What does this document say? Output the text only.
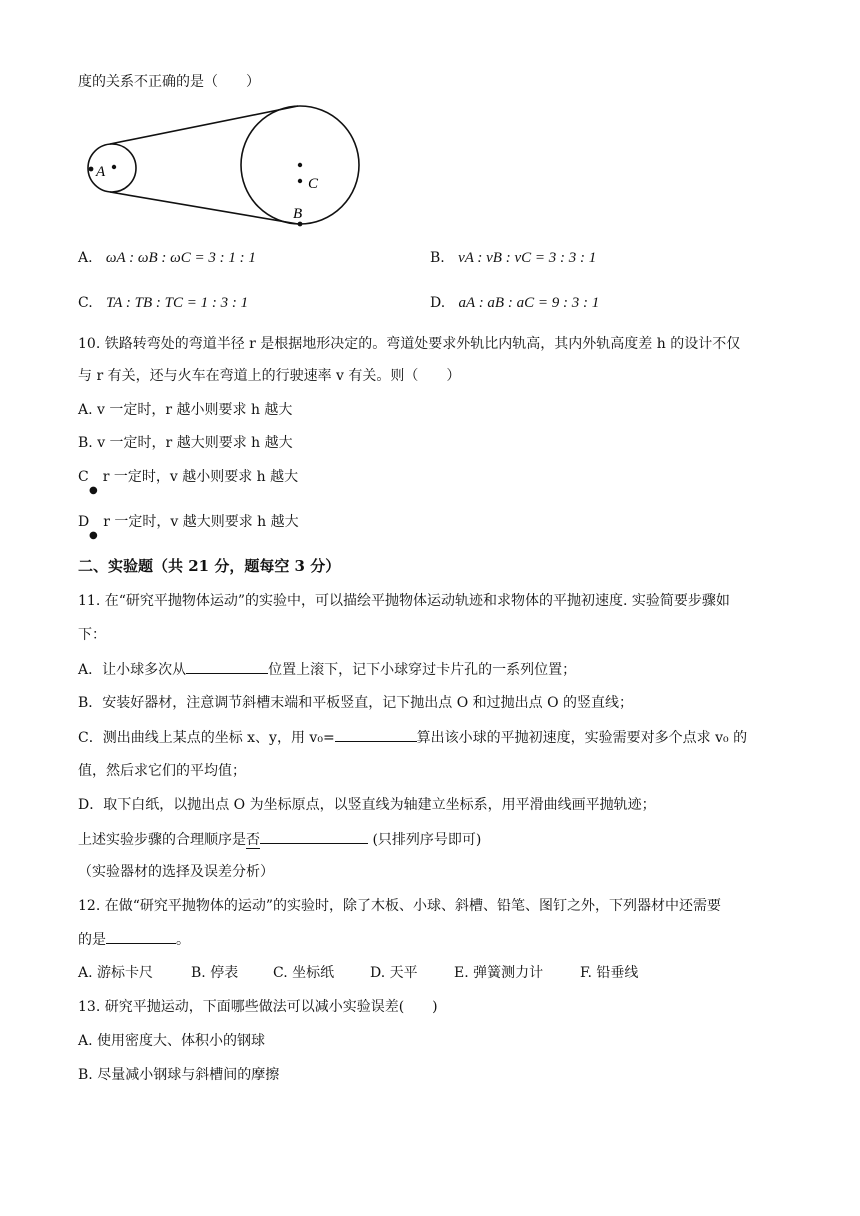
度的关系不正确的是（　　）
A
C
B
A. ωA : ωB : ωC = 3 : 1 : 1	B. vA : vB : vC = 3 : 3 : 1
C. TA : TB : TC = 1 : 3 : 1	D. aA : aB : aC = 9 : 3 : 1
10. 铁路转弯处的弯道半径 r 是根据地形决定的。弯道处要求外轨比内轨高，其内外轨高度差 h 的设计不仅
与 r 有关，还与火车在弯道上的行驶速率 v 有关。则（　　）
A. v 一定时，r 越小则要求 h 越大
B. v 一定时，r 越大则要求 h 越大
C　r 一定时，v 越小则要求 h 越大
●
D　r 一定时，v 越大则要求 h 越大
●
二、实验题（共 21 分，题每空 3 分）
11. 在“研究平抛物体运动”的实验中，可以描绘平抛物体运动轨迹和求物体的平抛初速度. 实验简要步骤如
下：
A．让小球多次从	位置上滚下，记下小球穿过卡片孔的一系列位置；
B．安装好器材，注意调节斜槽末端和平板竖直，记下抛出点 O 和过抛出点 O 的竖直线；
C．测出曲线上某点的坐标 x、y，用 v₀=	算出该小球的平抛初速度，实验需要对多个点求 v₀ 的
值，然后求它们的平均值；
D．取下白纸，以抛出点 O 为坐标原点，以竖直线为轴建立坐标系，用平滑曲线画平抛轨迹；
上述实验步骤的合理顺序是否	(只排列序号即可)
（实验器材的选择及误差分析）
12. 在做“研究平抛物体的运动”的实验时，除了木板、小球、斜槽、铅笔、图钉之外，下列器材中还需要
的是	。
A. 游标卡尺	B. 停表 C. 坐标纸	D. 天平	E. 弹簧测力计	F. 铅垂线
13. 研究平抛运动，下面哪些做法可以减小实验误差(　　)
A. 使用密度大、体积小的钢球
B. 尽量减小钢球与斜槽间的摩擦
